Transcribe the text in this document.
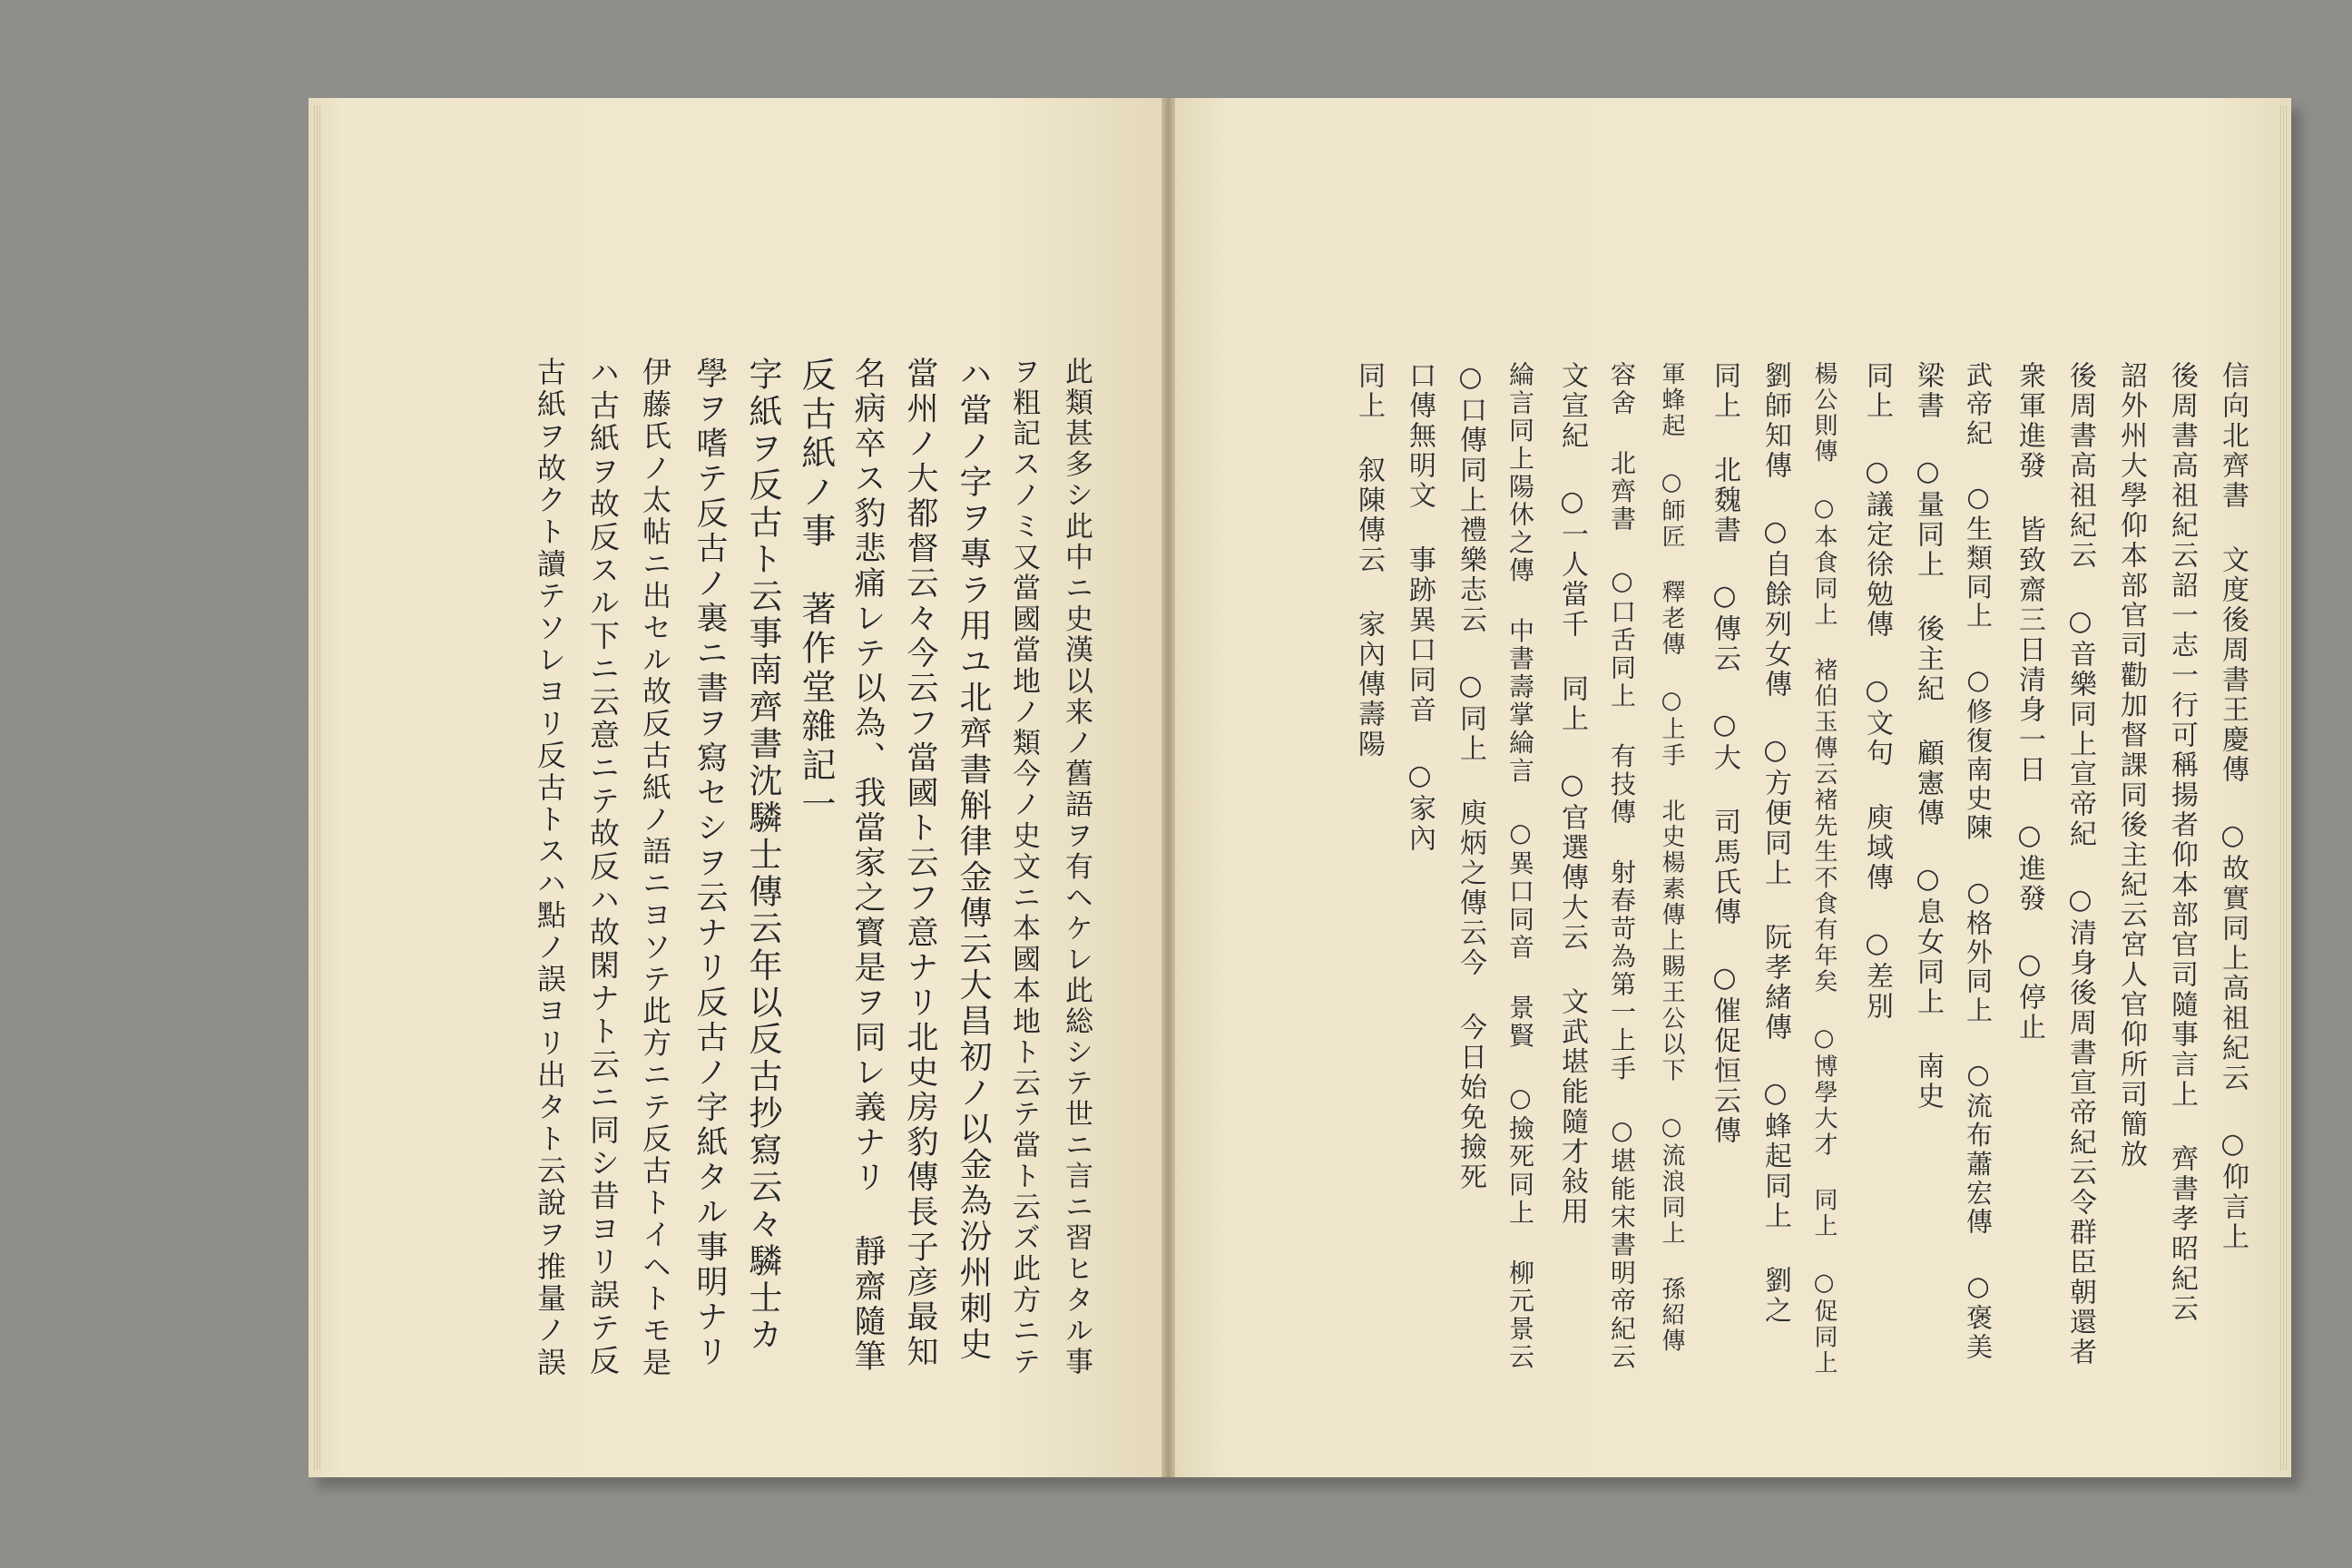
此類甚多シ此中ニ史漢以来ノ舊語ヲ有ヘケレ此総シテ世ニ言ニ習ヒタル事
ヲ粗記スノミ又當國當地ノ類今ノ史文ニ本國本地ト云テ當ト云ズ此方ニテ
ハ當ノ字ヲ專ラ用ユ北齊書斛律金傳云大昌初ノ以金為汾州刺史
當州ノ大都督云々今云フ當國ト云フ意ナリ北史房豹傳長子彦最知
名病卒ス豹悲痛レテ以為、我當家之寳是ヲ同レ義ナリ 靜齋隨筆
反古紙ノ事　著作堂雜記一
字紙ヲ反古ト云事南齊書沈驎士傳云年以反古抄寫云々驎士カ
學ヲ嗜テ反古ノ裏ニ書ヲ寫セシヲ云ナリ反古ノ字紙タル事明ナリ
伊藤氏ノ太帖ニ出セル故反古紙ノ語ニヨソテ此方ニテ反古トイヘトモ是
ハ古紙ヲ故反スル下ニ云意ニテ故反ハ故閑ナト云ニ同シ昔ヨリ誤テ反
古紙ヲ故クト讀テソレヨリ反古トスハ點ノ誤ヨリ出タト云說ヲ推量ノ誤	信向北齊書 文度後周書王慶傳 ○故實同上高祖紀云 ○仰言上
後周書高祖紀云詔一志一行可稱揚者仰本部官司隨事言上 齊書孝昭紀云
詔外州大學仰本部官司勸加督課同後主紀云宮人官仰所司簡放
後周書高祖紀云 ○音樂同上宣帝紀 ○清身後周書宣帝紀云令群臣朝還者
衆軍進發 皆致齋三日清身一日 ○進發 ○停止
武帝紀 ○生類同上 ○修復南史陳 ○格外同上 ○流布蕭宏傳 ○褒美
梁書 ○量同上 後主紀 顧憲傳 ○息女同上 南史
同上 ○議定徐勉傳 ○文句 庾域傳 ○差別
楊公則傳 ○本食同上 褚伯玉傳云褚先生不食有年矣 ○博學大才 同上 ○促同上
劉師知傳 ○自餘列女傳 ○方便同上 阮孝緒傳 ○蜂起同上 劉之
同上 北魏書 ○傳云 ○大 司馬氏傳 ○催促恒云傳
軍蜂起 ○師匠 釋老傳 ○上手 北史楊素傳上賜王公以下 ○流浪同上 孫紹傳
容舍 北齊書 ○口舌同上 有技傳 射春苛為第一上手 ○堪能宋書明帝紀云
文宣紀 ○一人當千 同上 ○官選傳大云 文武堪能隨才敍用
綸言同上陽休之傳 中書壽掌綸言 ○異口同音 景賢 ○撿死同上 柳元景云
○口傳同上禮樂志云 ○同上 庾炳之傳云今 今日始免撿死
口傳無明文 事跡異口同音 ○家內
同上 叙陳傳云 家內傳壽陽
